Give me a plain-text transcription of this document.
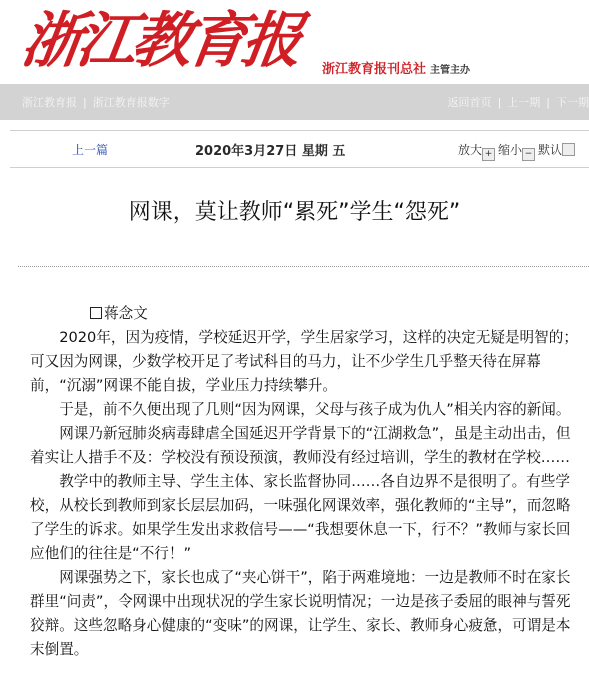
浙江教育报 浙江教育报刊总社 主管主办
浙江教育报 | 浙江教育报数字	返回首页 | 上一期 | 下一期
上一篇	2020年3月27日 星期 五	放大 + 缩小 − 默认
网课，莫让教师“累死”学生“怨死”

蒋念文

2020年，因为疫情，学校延迟开学，学生居家学习，这样的决定无疑是明智的；可又因为网课，少数学校开足了考试科目的马力，让不少学生几乎整天待在屏幕前，“沉溺”网课不能自拔，学业压力持续攀升。

于是，前不久便出现了几则“因为网课，父母与孩子成为仇人”相关内容的新闻。

网课乃新冠肺炎病毒肆虐全国延迟开学背景下的“江湖救急”，虽是主动出击，但着实让人措手不及：学校没有预设预演，教师没有经过培训，学生的教材在学校……

教学中的教师主导、学生主体、家长监督协同……各自边界不是很明了。有些学校，从校长到教师到家长层层加码，一味强化网课效率，强化教师的“主导”，而忽略了学生的诉求。如果学生发出求救信号——“我想要休息一下，行不？”教师与家长回应他们的往往是“不行！”

网课强势之下，家长也成了“夹心饼干”，陷于两难境地：一边是教师不时在家长群里“问责”，令网课中出现状况的学生家长说明情况；一边是孩子委屈的眼神与誓死狡辩。这些忽略身心健康的“变味”的网课，让学生、家长、教师身心疲惫，可谓是本末倒置。
